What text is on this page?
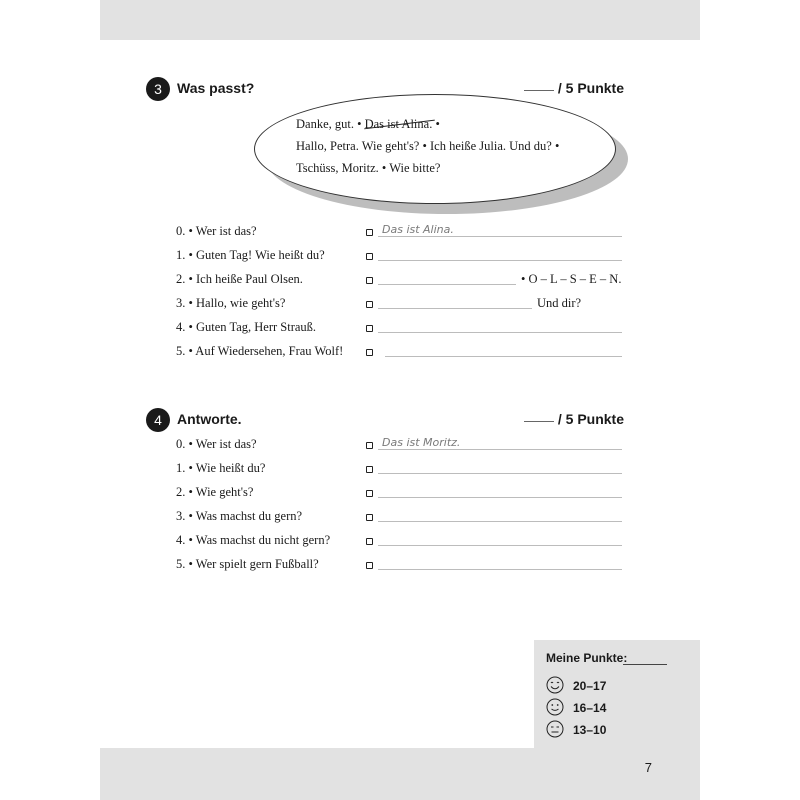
3	Was passt?	/ 5 Punkte
Danke, gut. • Das ist Alina. •
Hallo, Petra. Wie geht's? • Ich heiße Julia. Und du? •
Tschüss, Moritz. • Wie bitte?
0. • Wer ist das?	Das ist Alina.
1. • Guten Tag! Wie heißt du?
2. • Ich heiße Paul Olsen.	• O – L – S – E – N.
3. • Hallo, wie geht's?	Und dir?
4. • Guten Tag, Herr Strauß.
5. • Auf Wiedersehen, Frau Wolf!
4	Antworte.	/ 5 Punkte
0. • Wer ist das?	Das ist Moritz.
1. • Wie heißt du?
2. • Wie geht's?
3. • Was machst du gern?
4. • Was machst du nicht gern?
5. • Wer spielt gern Fußball?
Meine Punkte:
20–17
16–14
13–10
7
